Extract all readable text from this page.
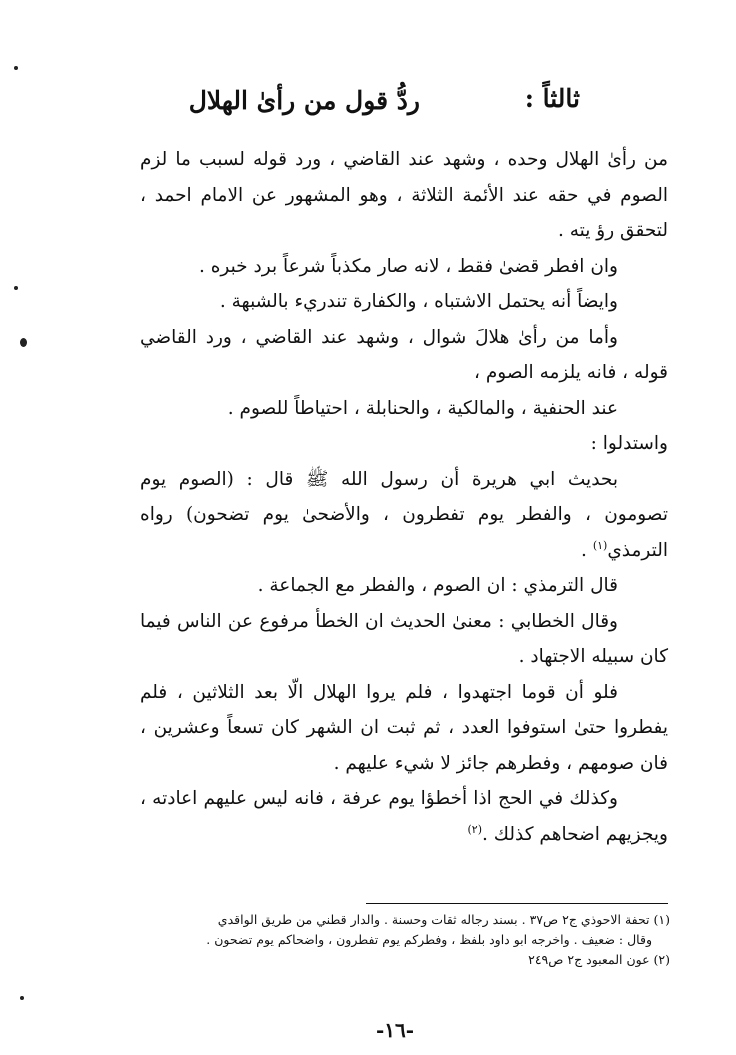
ثالثاً :
ردُّ قول من رأىٰ الهلال

من رأىٰ الهلال وحده ، وشهد عند القاضي ، ورد قوله لسبب ما لزم الصوم في حقه عند الأئمة الثلاثة ، وهو المشهور عن الامام احمد ، لتحقق رؤ يته .

وان افطر قضىٰ فقط ، لانه صار مكذباً شرعاً برد خبره .

وايضاً أنه يحتمل الاشتباه ، والكفارة تندريء بالشبهة .

وأما من رأىٰ هلالَ شوال ، وشهد عند القاضي ، ورد القاضي قوله ، فانه يلزمه الصوم ،

عند الحنفية ، والمالكية ، والحنابلة ، احتياطاً للصوم .

واستدلوا :

بحديث ابي هريرة أن رسول الله ﷺ قال : (الصوم يوم تصومون ، والفطر يوم تفطرون ، والأضحىٰ يوم تضحون) رواه الترمذي$^{(١)}$ .

قال الترمذي : ان الصوم ، والفطر مع الجماعة .

وقال الخطابي : معنىٰ الحديث ان الخطأ مرفوع عن الناس فيما كان سبيله الاجتهاد .

فلو أن قوما اجتهدوا ، فلم يروا الهلال الّا بعد الثلاثين ، فلم يفطروا حتىٰ استوفوا العدد ، ثم ثبت ان الشهر كان تسعاً وعشرين ، فان صومهم ، وفطرهم جائز لا شيء عليهم .

وكذلك في الحج اذا أخطؤا يوم عرفة ، فانه ليس عليهم اعادته ، ويجزيهم اضحاهم كذلك .$^{(٢)}$

(١) تحفة الاحوذي ج٢ ص٣٧ . بسند رجاله ثقات وحسنة . والدار قطني من طريق الواقدي

وقال : ضعيف . واخرجه ابو داود بلفظ ، وفطركم يوم تفطرون ، واضحاكم يوم تضحون .

(٢) عون المعبود ج٢ ص٢٤٩

-١٦-
